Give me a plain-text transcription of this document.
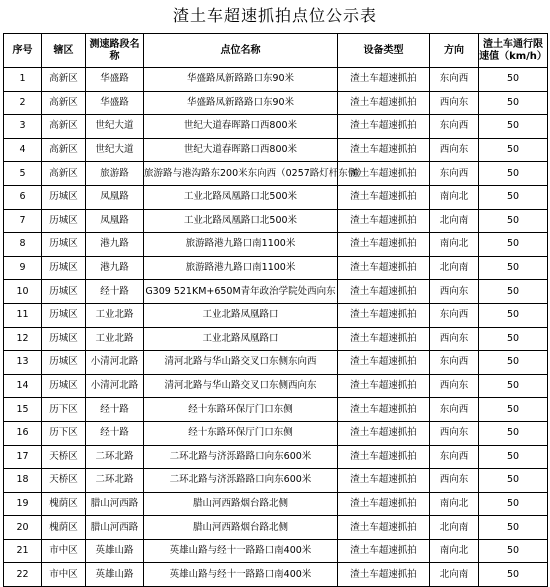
渣土车超速抓拍点位公示表
序号	辖区	测速路段名称	点位名称	设备类型	方向	渣土车通行限速值（km/h）
1	高新区	华盛路	华盛路凤新路路口东90米	渣土车超速抓拍	东向西	50
2	高新区	华盛路	华盛路凤新路路口东90米	渣土车超速抓拍	西向东	50
3	高新区	世纪大道	世纪大道春晖路口西800米	渣土车超速抓拍	东向西	50
4	高新区	世纪大道	世纪大道春晖路口西800米	渣土车超速抓拍	西向东	50
5	高新区	旅游路	旅游路与港沟路东200米东向西（0257路灯杆东侧）	渣土车超速抓拍	东向西	50
6	历城区	凤凰路	工业北路凤凰路口北500米	渣土车超速抓拍	南向北	50
7	历城区	凤凰路	工业北路凤凰路口北500米	渣土车超速抓拍	北向南	50
8	历城区	港九路	旅游路港九路口南1100米	渣土车超速抓拍	南向北	50
9	历城区	港九路	旅游路港九路口南1100米	渣土车超速抓拍	北向南	50
10	历城区	经十路	G309 521KM+650M青年政治学院处西向东	渣土车超速抓拍	西向东	50
11	历城区	工业北路	工业北路凤凰路口	渣土车超速抓拍	东向西	50
12	历城区	工业北路	工业北路凤凰路口	渣土车超速抓拍	西向东	50
13	历城区	小清河北路	清河北路与华山路交叉口东侧东向西	渣土车超速抓拍	东向西	50
14	历城区	小清河北路	清河北路与华山路交叉口东侧西向东	渣土车超速抓拍	西向东	50
15	历下区	经十路	经十东路环保厅门口东侧	渣土车超速抓拍	东向西	50
16	历下区	经十路	经十东路环保厅门口东侧	渣土车超速抓拍	西向东	50
17	天桥区	二环北路	二环北路与济泺路路口向东600米	渣土车超速抓拍	东向西	50
18	天桥区	二环北路	二环北路与济泺路路口向东600米	渣土车超速抓拍	西向东	50
19	槐荫区	腊山河西路	腊山河西路烟台路北侧	渣土车超速抓拍	南向北	50
20	槐荫区	腊山河西路	腊山河西路烟台路北侧	渣土车超速抓拍	北向南	50
21	市中区	英雄山路	英雄山路与经十一路路口南400米	渣土车超速抓拍	南向北	50
22	市中区	英雄山路	英雄山路与经十一路路口南400米	渣土车超速抓拍	北向南	50
